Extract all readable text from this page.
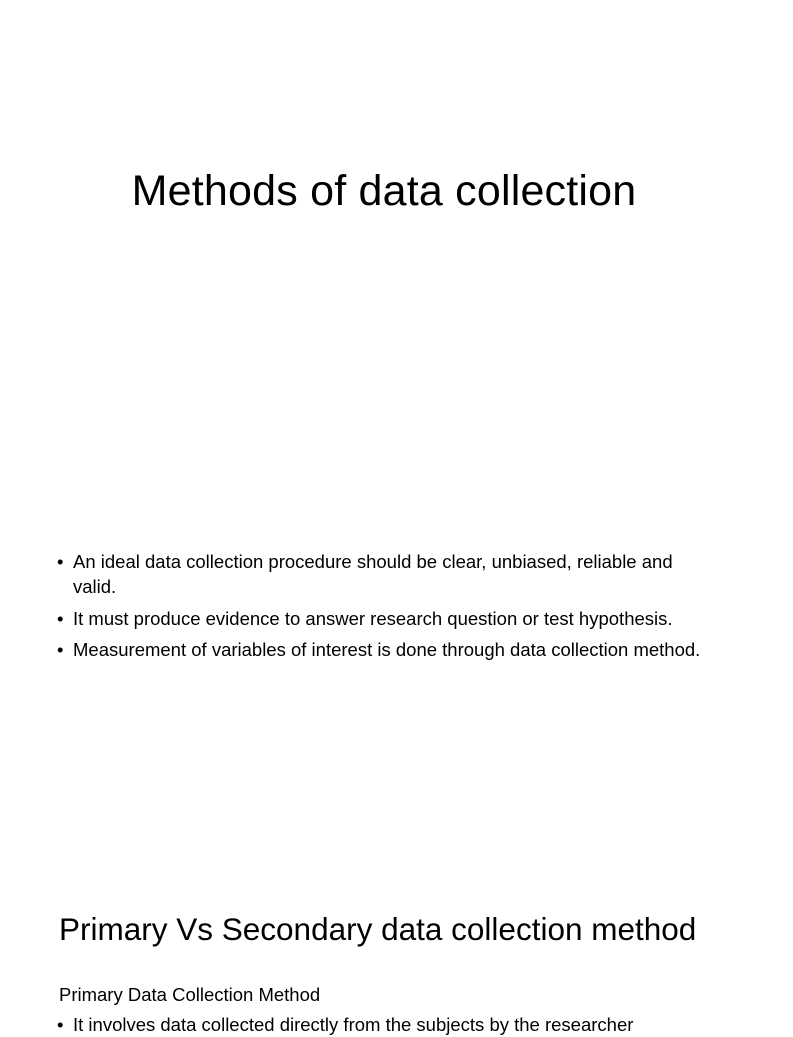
Methods of data collection
• An ideal data collection procedure should be clear, unbiased, reliable and valid.
• It must produce evidence to answer research question or test hypothesis.
• Measurement of variables of interest is done through data collection method.
Primary Vs Secondary data collection method
Primary Data Collection Method
• It involves data collected directly from the subjects by the researcher
